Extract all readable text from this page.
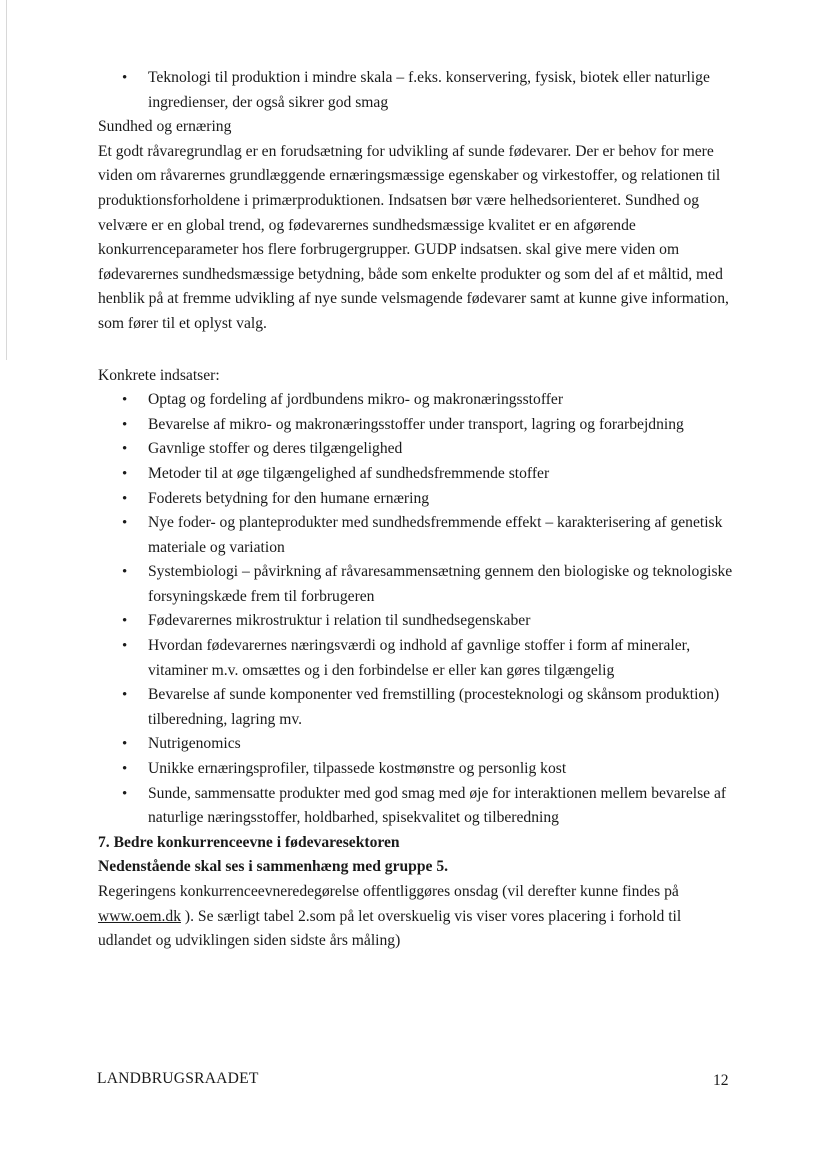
• Teknologi til produktion i mindre skala – f.eks. konservering, fysisk, biotek eller naturlige ingredienser, der også sikrer god smag

Sundhed og ernæring

Et godt råvaregrundlag er en forudsætning for udvikling af sunde fødevarer. Der er behov for mere viden om råvarernes grundlæggende ernæringsmæssige egenskaber og virkestoffer, og relationen til produktionsforholdene i primærproduktionen. Indsatsen bør være helhedsorienteret. Sundhed og velvære er en global trend, og fødevarernes sundhedsmæssige kvalitet er en afgørende konkurrenceparameter hos flere forbrugergrupper. GUDP indsatsen. skal give mere viden om fødevarernes sundhedsmæssige betydning, både som enkelte produkter og som del af et måltid, med henblik på at fremme udvikling af nye sunde velsmagende fødevarer samt at kunne give information, som fører til et oplyst valg.

Konkrete indsatser:

• Optag og fordeling af jordbundens mikro- og makronæringsstoffer
• Bevarelse af mikro- og makronæringsstoffer under transport, lagring og forarbejdning
• Gavnlige stoffer og deres tilgængelighed
• Metoder til at øge tilgængelighed af sundhedsfremmende stoffer
• Foderets betydning for den humane ernæring
• Nye foder- og planteprodukter med sundhedsfremmende effekt – karakterisering af genetisk materiale og variation
• Systembiologi – påvirkning af råvaresammensætning gennem den biologiske og teknologiske forsyningskæde frem til forbrugeren
• Fødevarernes mikrostruktur i relation til sundhedsegenskaber
• Hvordan fødevarernes næringsværdi og indhold af gavnlige stoffer i form af mineraler, vitaminer m.v. omsættes og i den forbindelse er eller kan gøres tilgængelig
• Bevarelse af sunde komponenter ved fremstilling (procesteknologi og skånsom produktion) tilberedning, lagring mv.
• Nutrigenomics
• Unikke ernæringsprofiler, tilpassede kostmønstre og personlig kost
• Sunde, sammensatte produkter med god smag med øje for interaktionen mellem bevarelse af naturlige næringsstoffer, holdbarhed, spisekvalitet og tilberedning

7. Bedre konkurrenceevne i fødevaresektoren

Nedenstående skal ses i sammenhæng med gruppe 5.

Regeringens konkurrenceevneredegørelse offentliggøres onsdag (vil derefter kunne findes på www.oem.dk ). Se særligt tabel 2.som på let overskuelig vis viser vores placering i forhold til udlandet og udviklingen siden sidste års måling)

LANDBRUGSRAADET	12
